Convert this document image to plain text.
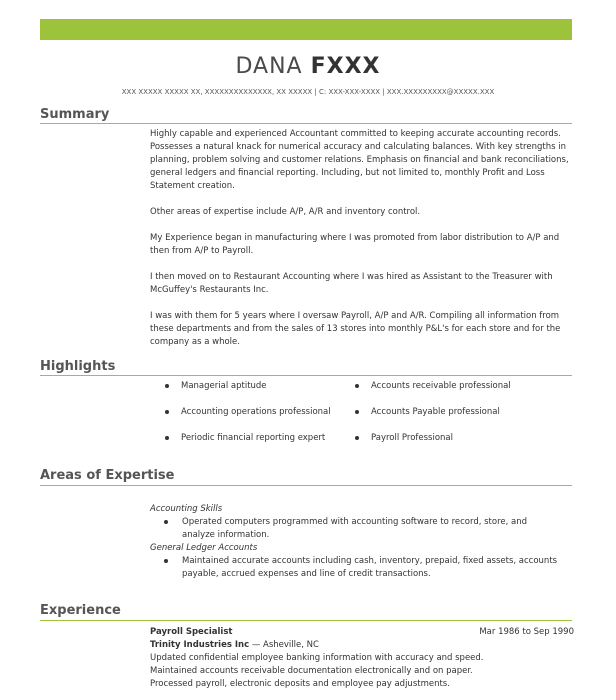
DANA FXXX
XXX XXXXX XXXXX XX, XXXXXXXXXXXXXX, XX XXXXX | C: XXX-XXX-XXXX | XXX.XXXXXXXXX@XXXXX.XXX
Summary

Highly capable and experienced Accountant committed to keeping accurate accounting records. Possesses a natural knack for numerical accuracy and calculating balances. With key strengths in planning, problem solving and customer relations. Emphasis on financial and bank reconciliations, general ledgers and financial reporting. Including, but not limited to, monthly Profit and Loss Statement creation.

Other areas of expertise include A/P, A/R and inventory control.

My Experience began in manufacturing where I was promoted from labor distribution to A/P and then from A/P to Payroll.

I then moved on to Restaurant Accounting where I was hired as Assistant to the Treasurer with McGuffey's Restaurants Inc.

I was with them for 5 years where I oversaw Payroll, A/P and A/R. Compiling all information from these departments and from the sales of 13 stores into monthly P&L's for each store and for the company as a whole.

Highlights
Managerial aptitude
Accounting operations professional
Periodic financial reporting expert
Accounts receivable professional
Accounts Payable professional
Payroll Professional
Areas of Expertise
Accounting Skills
Operated computers programmed with accounting software to record, store, and analyze information.
General Ledger Accounts
Maintained accurate accounts including cash, inventory, prepaid, fixed assets, accounts payable, accrued expenses and line of credit transactions.
Experience
Payroll Specialist	Mar 1986 to Sep 1990
Trinity Industries Inc — Asheville, NC
Updated confidential employee banking information with accuracy and speed.
Maintained accounts receivable documentation electronically and on paper.
Processed payroll, electronic deposits and employee pay adjustments.
